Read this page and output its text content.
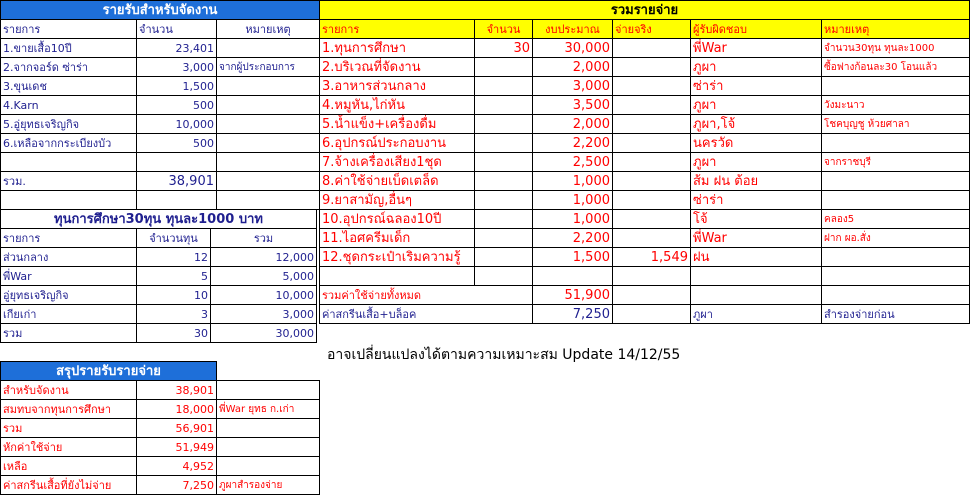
รายรับสำหรับจัดงาน		
รายการ	จำนวน	หมายเหตุ
1.ขายเสื้อ10ปี	23,401	
2.จากจอร์ด ซ่าร่า	3,000	จากผู้ประกอบการ
3.ขุนเดช	1,500	
4.Karn	500	
5.อู่ยุทธเจริญกิจ	10,000	
6.เหลือจากกระเบียงบัว	500	

รวม.	38,901	

ทุนการศึกษา30ทุน ทุนละ1000 บาท		
รายการ	จำนวนทุน	รวม
ส่วนกลาง	12	12,000
พี่War	5	5,000
อู่ยุทธเจริญกิจ	10	10,000
เกียเก่า	3	3,000
รวม	30	30,000
สรุปรายรับรายจ่าย		
สำหรับจัดงาน	38,901	
สมทบจากทุนการศึกษา	18,000	พี่War ยุทธ ก.เก่า
รวม	56,901	
หักค่าใช้จ่าย	51,949	
เหลือ	4,952	
ค่าสกรีนเสื้อที่ยังไม่จ่าย	7,250	ภูผาสำรองจ่าย
รวมรายจ่าย					
รายการ	จำนวน	งบประมาณ	จ่ายจริง	ผู้รับผิดชอบ	หมายเหตุ
1.ทุนการศึกษา	30	30,000		พี่War	จำนวน30ทุน ทุนละ1000
2.บริเวณที่จัดงาน		2,000		ภูผา	ซื้อฟางก้อนละ30 โอนแล้ว
3.อาหารส่วนกลาง		3,000		ซ่าร่า	
4.หมูหัน,ไก่หัน		3,500		ภูผา	วังมะนาว
5.น้ำแข็ง+เครื่องดื่ม		2,000		ภูผา,โจ้	โชคบุญชู ห้วยศาลา
6.อุปกรณ์ประกอบงาน		2,200		นครวัด	
7.จ้างเครื่องเสียง1ชุด		2,500		ภูผา	จากราชบุรี
8.ค่าใช้จ่ายเบ็ดเตล็ด		1,000		ส้ม ฝน ต้อย	
9.ยาสามัญ,อื่นๆ		1,000		ซ่าร่า	
10.อุปกรณ์ฉลอง10ปี		1,000		โจ้	คลอง5
11.ไอศครีมเด็ก		2,200		พี่War	ฝาก ผอ.สั่ง
12.ชุดกระเป๋าเริมความรู้		1,500	1,549	ฝน	

รวมค่าใช้จ่ายทั้งหมด		51,900			
ค่าสกรีนเสื้อ+บล็อค		7,250		ภูผา	สำรองจ่ายก่อน
อาจเปลี่ยนแปลงได้ตามความเหมาะสม Update 14/12/55
